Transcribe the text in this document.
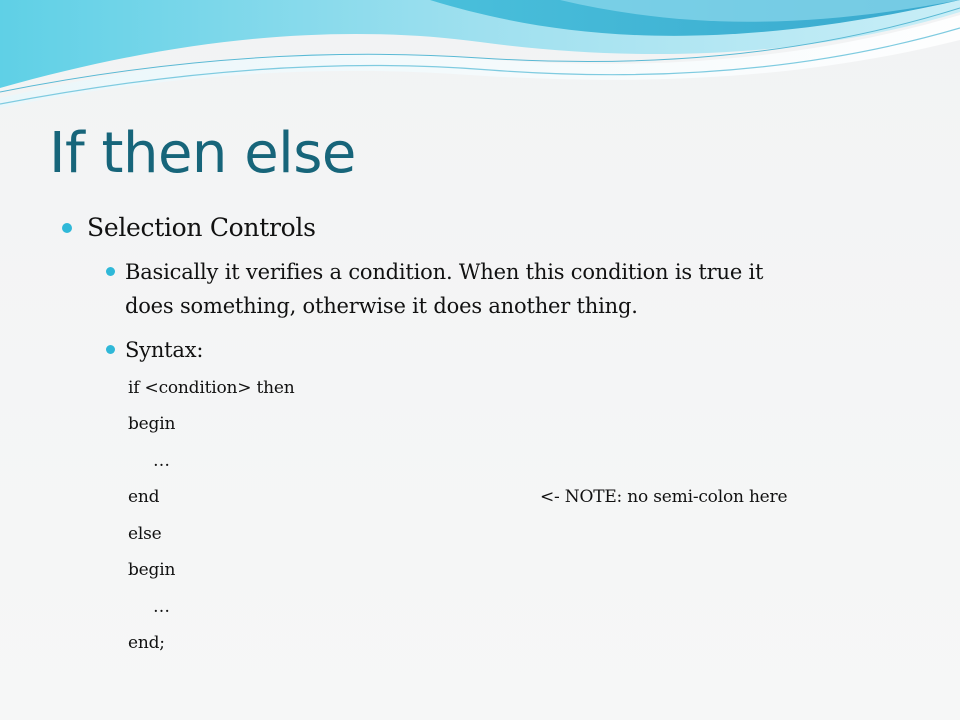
If then else
Selection Controls
Basically it verifies a condition. When this condition is true it
does something, otherwise it does another thing.
Syntax:
if <condition> then
begin
…
end
else
begin
…
end;
<- NOTE: no semi-colon here
